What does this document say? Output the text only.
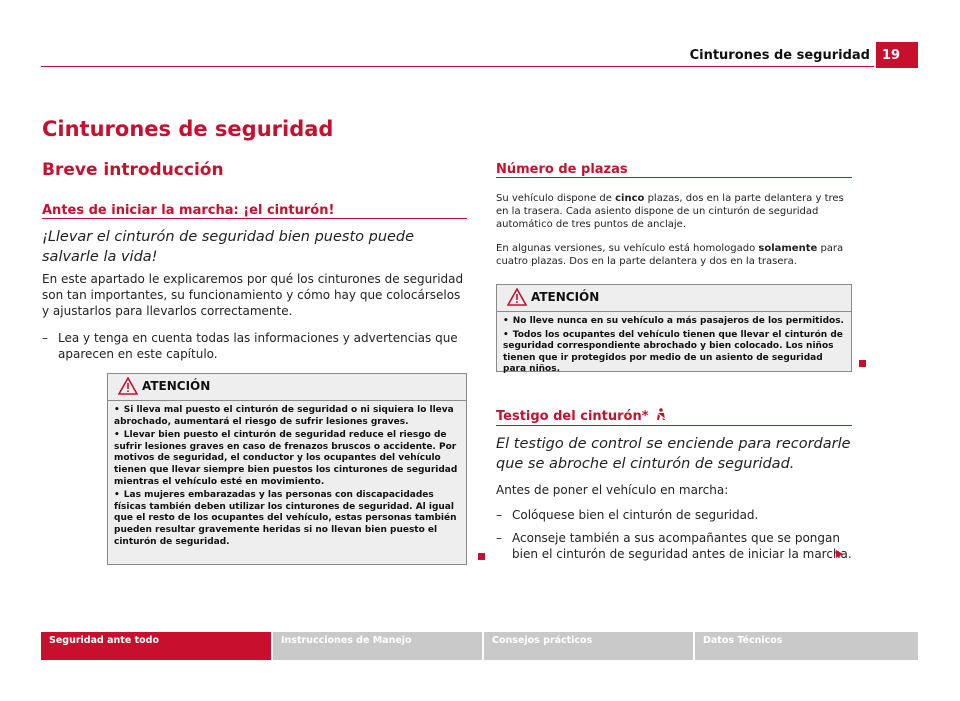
Cinturones de seguridad 19
Cinturones de seguridad
Breve introducción
Antes de iniciar la marcha: ¡el cinturón!
¡Llevar el cinturón de seguridad bien puesto puede salvarle la vida!
En este apartado le explicaremos por qué los cinturones de seguridad son tan importantes, su funcionamiento y cómo hay que colocárselos y ajustarlos para llevarlos correctamente.
– Lea y tenga en cuenta todas las informaciones y advertencias que aparecen en este capítulo.
ATENCIÓN

• Si lleva mal puesto el cinturón de seguridad o ni siquiera lo lleva abrochado, aumentará el riesgo de sufrir lesiones graves.

• Llevar bien puesto el cinturón de seguridad reduce el riesgo de sufrir lesiones graves en caso de frenazos bruscos o accidente. Por motivos de seguridad, el conductor y los ocupantes del vehículo tienen que llevar siempre bien puestos los cinturones de seguridad mientras el vehículo esté en movimiento.

• Las mujeres embarazadas y las personas con discapacidades físicas también deben utilizar los cinturones de seguridad. Al igual que el resto de los ocupantes del vehículo, estas personas también pueden resultar gravemente heridas si no llevan bien puesto el cinturón de seguridad.

Número de plazas
Su vehículo dispone de cinco plazas, dos en la parte delantera y tres en la trasera. Cada asiento dispone de un cinturón de seguridad automático de tres puntos de anclaje.
En algunas versiones, su vehículo está homologado solamente para cuatro plazas. Dos en la parte delantera y dos en la trasera.
ATENCIÓN

• No lleve nunca en su vehículo a más pasajeros de los permitidos.

• Todos los ocupantes del vehículo tienen que llevar el cinturón de seguridad correspondiente abrochado y bien colocado. Los niños tienen que ir protegidos por medio de un asiento de seguridad para niños.

Testigo del cinturón*
El testigo de control se enciende para recordarle que se abroche el cinturón de seguridad.
Antes de poner el vehículo en marcha:
– Colóquese bien el cinturón de seguridad.
– Aconseje también a sus acompañantes que se pongan bien el cinturón de seguridad antes de iniciar la marcha.
Seguridad ante todo	Instrucciones de Manejo	Consejos prácticos	Datos Técnicos
